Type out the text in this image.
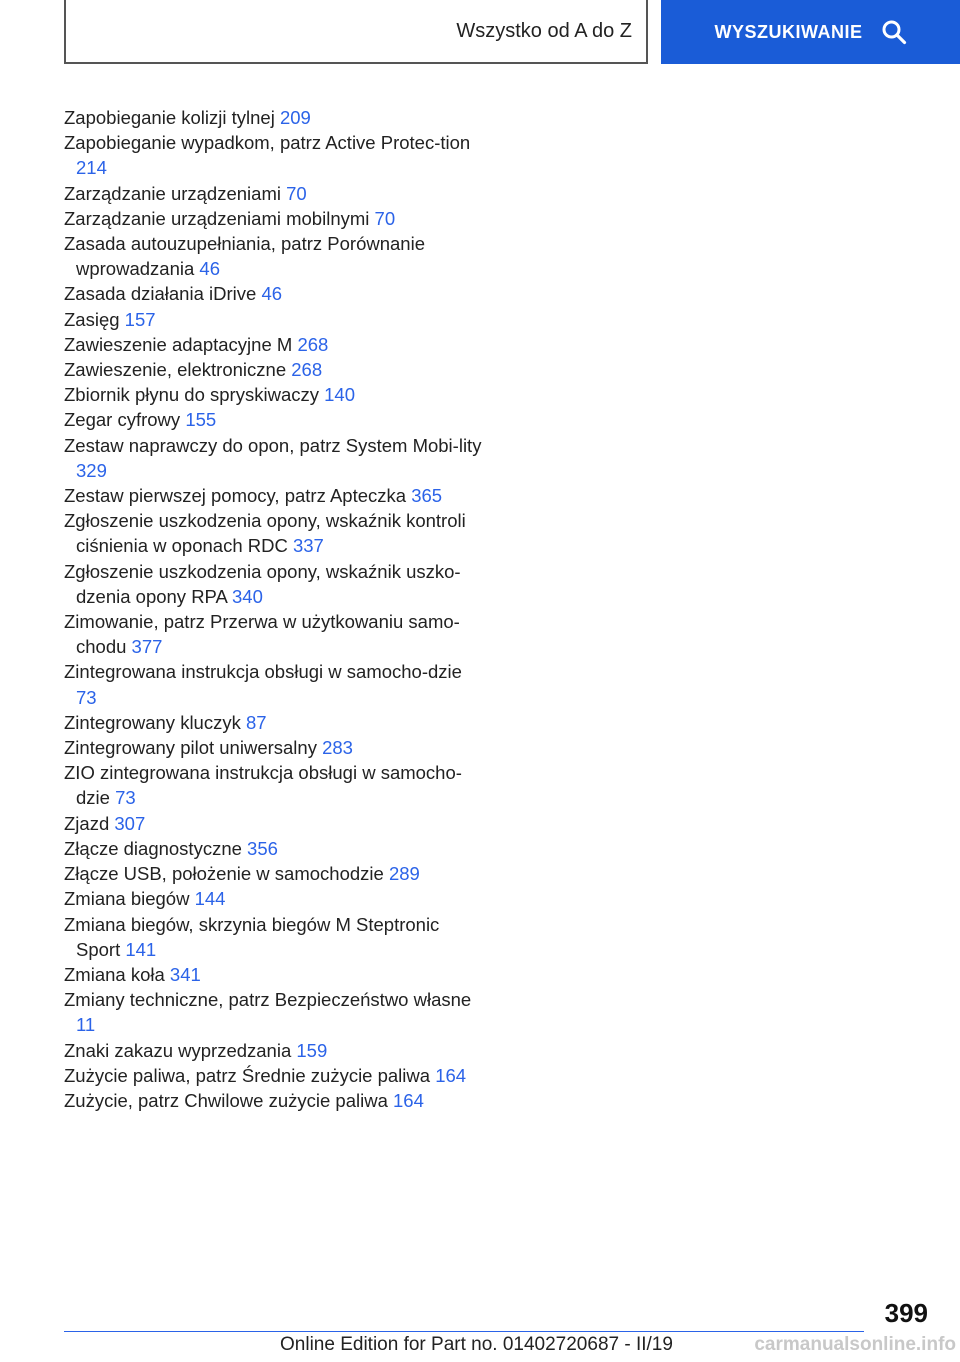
Wszystko od A do Z	WYSZUKIWANIE
Zapobieganie kolizji tylnej 209
Zapobieganie wypadkom, patrz Active Protec-tion 214
Zarządzanie urządzeniami 70
Zarządzanie urządzeniami mobilnymi 70
Zasada autouzupełniania, patrz Porównanie wprowadzania 46
Zasada działania iDrive 46
Zasięg 157
Zawieszenie adaptacyjne M 268
Zawieszenie, elektroniczne 268
Zbiornik płynu do spryskiwaczy 140
Zegar cyfrowy 155
Zestaw naprawczy do opon, patrz System Mobi-lity 329
Zestaw pierwszej pomocy, patrz Apteczka 365
Zgłoszenie uszkodzenia opony, wskaźnik kontroli ciśnienia w oponach RDC 337
Zgłoszenie uszkodzenia opony, wskaźnik uszko-dzenia opony RPA 340
Zimowanie, patrz Przerwa w użytkowaniu samo-chodu 377
Zintegrowana instrukcja obsługi w samocho-dzie 73
Zintegrowany kluczyk 87
Zintegrowany pilot uniwersalny 283
ZIO zintegrowana instrukcja obsługi w samocho-dzie 73
Zjazd 307
Złącze diagnostyczne 356
Złącze USB, położenie w samochodzie 289
Zmiana biegów 144
Zmiana biegów, skrzynia biegów M Steptronic Sport 141
Zmiana koła 341
Zmiany techniczne, patrz Bezpieczeństwo własne 11
Znaki zakazu wyprzedzania 159
Zużycie paliwa, patrz Średnie zużycie paliwa 164
Zużycie, patrz Chwilowe zużycie paliwa 164
399
Online Edition for Part no. 01402720687 - II/19	carmanualsonline.info
